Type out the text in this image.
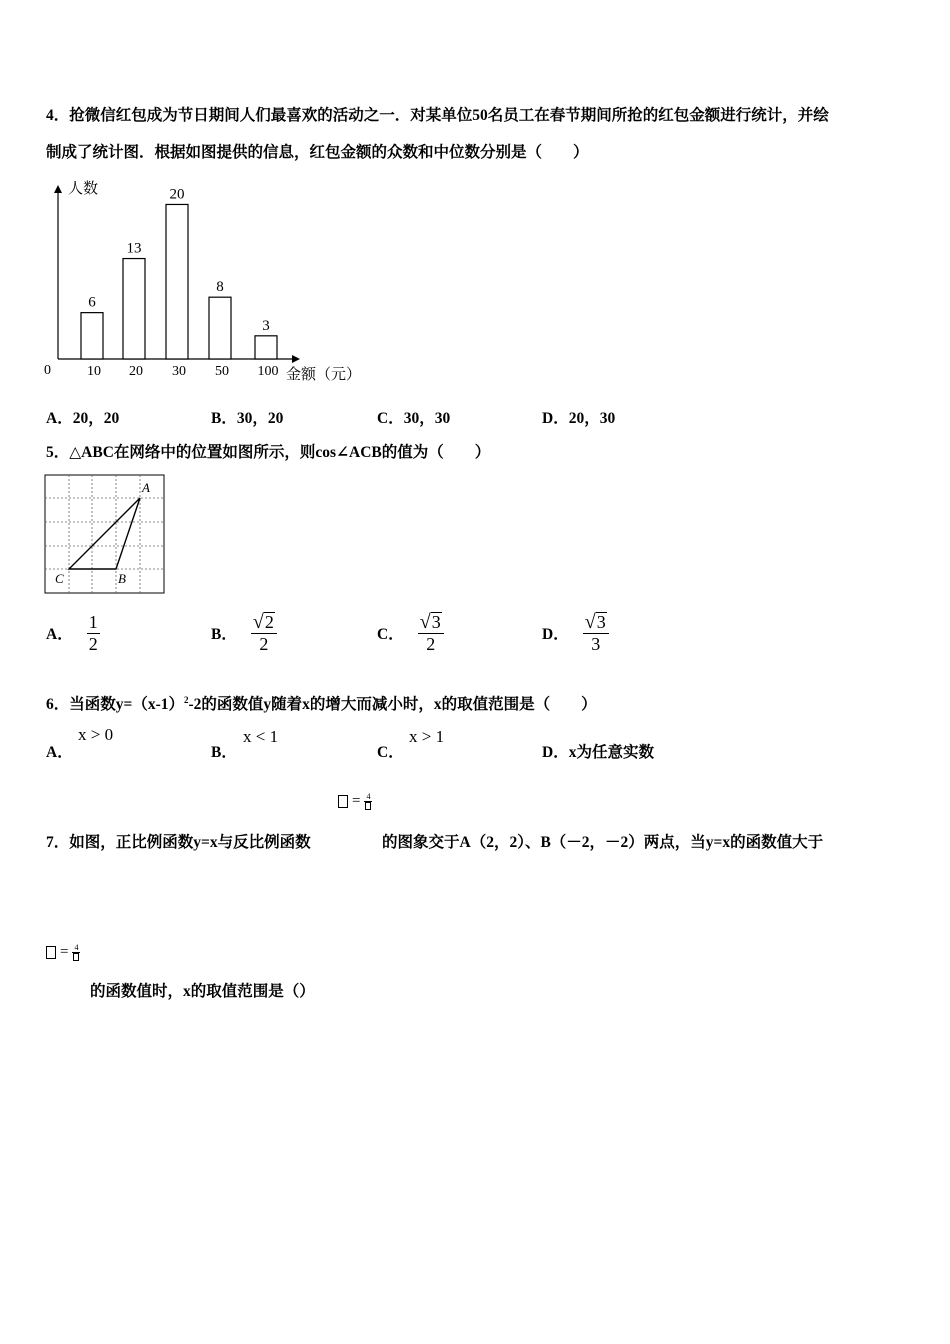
4．抢微信红包成为节日期间人们最喜欢的活动之一．对某单位50名员工在春节期间所抢的红包金额进行统计，并绘
制成了统计图．根据如图提供的信息，红包金额的众数和中位数分别是（　　）
人数
金额（元）
0
6
10
13
20
20
30
8
50
3
100
A．20，20	B．30，20	C．30，30	D．20，30
5．△ABC在网络中的位置如图所示，则cos∠ACB的值为（　　）
A
B
C
A． $\frac{1}{2}$	B． $\frac{√ 2}{2}$	C． $\frac{√ 3}{2}$	D． $\frac{√ 3}{3}$
6．当函数$y=(x-1)^2-2$的函数值y随着x的增大而减小时，x的取值范围是（　　）
A．
x > 0
B．
x < 1
C．
x > 1
D．x为任意实数
= 4
7．如图，正比例函数y=x与反比例函数	的图象交于A（2，2）、B（－2，－2）两点，当y=x的函数值大于
= 4
的函数值时，x的取值范围是（）
